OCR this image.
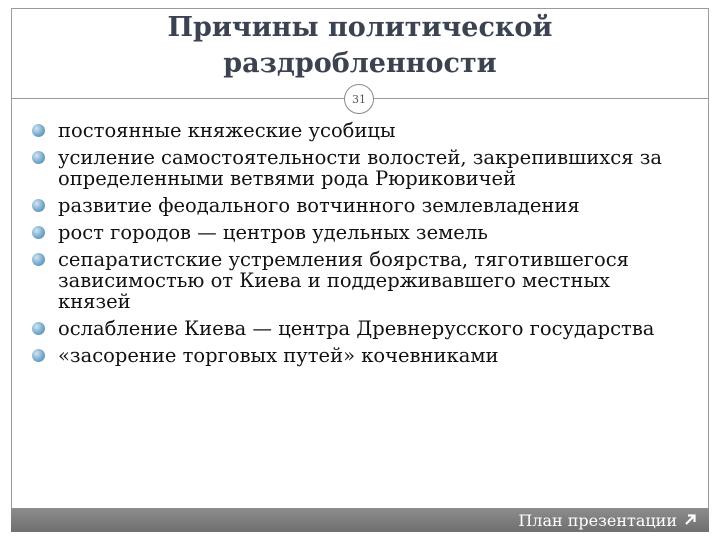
Причины политической
раздробленности
31
постоянные княжеские усобицы
усиление самостоятельности волостей, закрепившихся за определенными ветвями рода Рюриковичей
развитие феодального вотчинного землевладения
рост городов — центров удельных земель
сепаратистские устремления боярства, тяготившегося зависимостью от Киева и поддерживавшего местных князей
ослабление Киева — центра Древнерусского государства
«засорение торговых путей» кочевниками
План презентации
